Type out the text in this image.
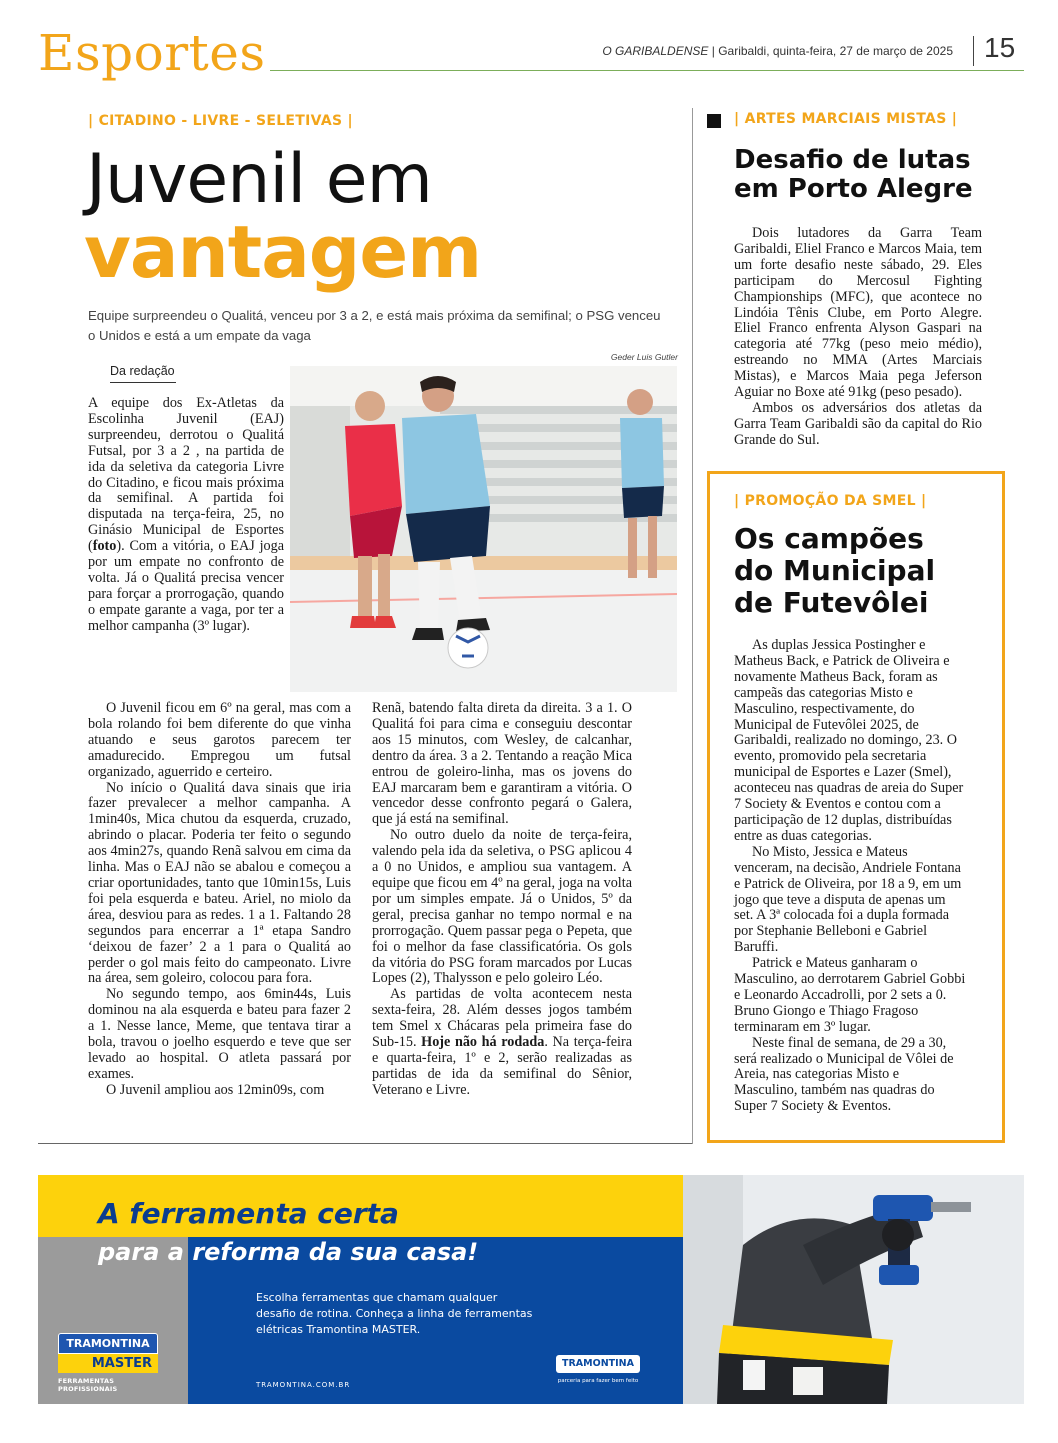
Esportes	O GARIBALDENSE | Garibaldi, quinta-feira, 27 de março de 2025 15
| CITADINO - LIVRE - SELETIVAS |
Juvenil em
vantagem
Equipe surpreendeu o Qualitá, venceu por 3 a 2, e está mais próxima da semifinal; o PSG venceu o Unidos e está a um empate da vaga
Da redação
Geder Luis Gutler

A equipe dos Ex-Atletas da Escolinha Juvenil (EAJ) surpreendeu, derrotou o Qualitá Futsal, por 3 a 2 , na partida de ida da seletiva da categoria Livre do Citadino, e ficou mais próxima da semifinal. A partida foi disputada na terça-feira, 25, no Ginásio Municipal de Esportes (foto). Com a vitória, o EAJ joga por um empate no confronto de volta. Já o Qualitá precisa vencer para forçar a prorrogação, quando o empate garante a vaga, por ter a melhor campanha (3º lugar).

O Juvenil ficou em 6º na geral, mas com a bola rolando foi bem diferente do que vinha atuando e seus garotos parecem ter amadurecido. Empregou um futsal organizado, aguerrido e certeiro.

No início o Qualitá dava sinais que iria fazer prevalecer a melhor campanha. A 1min40s, Mica chutou da esquerda, cruzado, abrindo o placar. Poderia ter feito o segundo aos 4min27s, quando Renã salvou em cima da linha. Mas o EAJ não se abalou e começou a criar oportunidades, tanto que 10min15s, Luis foi pela esquerda e bateu. Ariel, no miolo da área, desviou para as redes. 1 a 1. Faltando 28 segundos para encerrar a 1ª etapa Sandro ‘deixou de fazer’ 2 a 1 para o Qualitá ao perder o gol mais feito do campeonato. Livre na área, sem goleiro, colocou para fora.

No segundo tempo, aos 6min44s, Luis dominou na ala esquerda e bateu para fazer 2 a 1. Nesse lance, Meme, que tentava tirar a bola, travou o joelho esquerdo e teve que ser levado ao hospital. O atleta passará por exames.

O Juvenil ampliou aos 12min09s, com

Renã, batendo falta direta da direita. 3 a 1. O Qualitá foi para cima e conseguiu descontar aos 15 minutos, com Wesley, de calcanhar, dentro da área. 3 a 2. Tentando a reação Mica entrou de goleiro-linha, mas os jovens do EAJ marcaram bem e garantiram a vitória. O vencedor desse confronto pegará o Galera, que já está na semifinal.

No outro duelo da noite de terça-feira, valendo pela ida da seletiva, o PSG aplicou 4 a 0 no Unidos, e ampliou sua vantagem. A equipe que ficou em 4º na geral, joga na volta por um simples empate. Já o Unidos, 5º da geral, precisa ganhar no tempo normal e na prorrogação. Quem passar pega o Pepeta, que foi o melhor da fase classificatória. Os gols da vitória do PSG foram marcados por Lucas Lopes (2), Thalysson e pelo goleiro Léo.

As partidas de volta acontecem nesta sexta-feira, 28. Além desses jogos também tem Smel x Chácaras pela primeira fase do Sub-15. Hoje não há rodada. Na terça-feira e quarta-feira, 1º e 2, serão realizadas as partidas de ida da semifinal do Sênior, Veterano e Livre.

| ARTES MARCIAIS MISTAS |
Desafio de lutas
em Porto Alegre

Dois lutadores da Garra Team Garibaldi, Eliel Franco e Marcos Maia, tem um forte desafio neste sábado, 29. Eles participam do Mercosul Fighting Championships (MFC), que acontece no Lindóia Tênis Clube, em Porto Alegre. Eliel Franco enfrenta Alyson Gaspari na categoria até 77kg (peso meio médio), estreando no MMA (Artes Marciais Mistas), e Marcos Maia pega Jeferson Aguiar no Boxe até 91kg (peso pesado).

Ambos os adversários dos atletas da Garra Team Garibaldi são da capital do Rio Grande do Sul.

| PROMOÇÃO DA SMEL |
Os campões
do Municipal
de Futevôlei

As duplas Jessica Postingher e Matheus Back, e Patrick de Oliveira e novamente Matheus Back, foram as campeãs das categorias Misto e Masculino, respectivamente, do Municipal de Futevôlei 2025, de Garibaldi, realizado no domingo, 23. O evento, promovido pela secretaria municipal de Esportes e Lazer (Smel), aconteceu nas quadras de areia do Super 7 Society & Eventos e contou com a participação de 12 duplas, distribuídas entre as duas categorias.

No Misto, Jessica e Mateus venceram, na decisão, Andriele Fontana e Patrick de Oliveira, por 18 a 9, em um jogo que teve a disputa de apenas um set. A 3ª colocada foi a dupla formada por Stephanie Belleboni e Gabriel Baruffi.

Patrick e Mateus ganharam o Masculino, ao derrotarem Gabriel Gobbi e Leonardo Accadrolli, por 2 sets a 0. Bruno Giongo e Thiago Fragoso terminaram em 3º lugar.

Neste final de semana, de 29 a 30, será realizado o Municipal de Vôlei de Areia, nas categorias Misto e Masculino, também nas quadras do Super 7 Society & Eventos.

A ferramenta certa
para a reforma da sua casa!
Escolha ferramentas que chamam qualquer desafio de rotina. Conheça a linha de ferramentas elétricas Tramontina MASTER.
TRAMONTINA.COM.BR
TRAMONTINA
MASTER
FERRAMENTAS PROFISSIONAIS
TRAMONTINA
parceria para fazer bem feito
